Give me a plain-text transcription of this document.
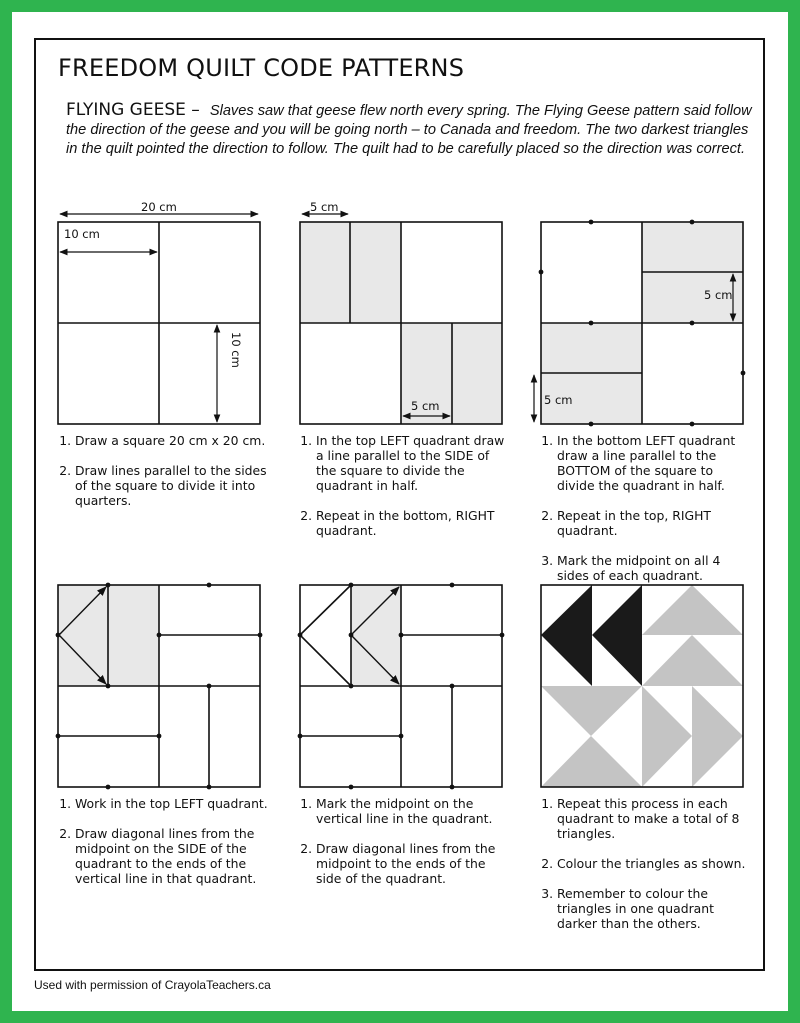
FREEDOM QUILT CODE PATTERNS
FLYING GEESE – Slaves saw that geese flew north every spring. The Flying Geese pattern said follow the direction of the geese and you will be going north – to Canada and freedom. The two darkest triangles in the quilt pointed the direction to follow. The quilt had to be carefully placed so the direction was correct.
20 cm
10 cm
10 cm
5 cm
5 cm
5 cm
5 cm
1. Draw a square 20 cm x 20 cm.
2. Draw lines parallel to the sides of the square to divide it into quarters.
1. In the top LEFT quadrant draw a line parallel to the SIDE of the square to divide the quadrant in half.
2. Repeat in the bottom, RIGHT quadrant.
1. In the bottom LEFT quadrant draw a line parallel to the BOTTOM of the square to divide the quadrant in half.
2. Repeat in the top, RIGHT quadrant.
3. Mark the midpoint on all 4 sides of each quadrant.
1. Work in the top LEFT quadrant.
2. Draw diagonal lines from the midpoint on the SIDE of the quadrant to the ends of the vertical line in that quadrant.
1. Mark the midpoint on the vertical line in the quadrant.
2. Draw diagonal lines from the midpoint to the ends of the side of the quadrant.
1. Repeat this process in each quadrant to make a total of 8 triangles.
2. Colour the triangles as shown.
3. Remember to colour the triangles in one quadrant darker than the others.
Used with permission of CrayolaTeachers.ca
